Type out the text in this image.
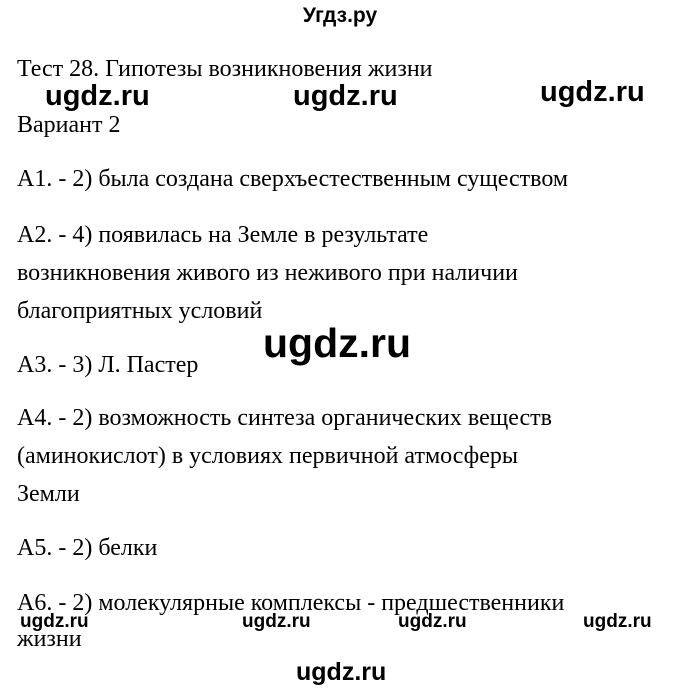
Угдз.ру
Тест 28. Гипотезы возникновения жизни
Вариант 2
А1. - 2) была создана сверхъестественным существом
А2. - 4) появилась на Земле в результате
возникновения живого из неживого при наличии
благоприятных условий
А3. - 3) Л. Пастер
А4. - 2) возможность синтеза органических веществ
(аминокислот) в условиях первичной атмосферы
Земли
А5. - 2) белки
А6. - 2) молекулярные комплексы - предшественники
жизни
ugdz.ru	ugdz.ru	ugdz.ru
ugdz.ru
ugdz.ru	ugdz.ru	ugdz.ru	ugdz.ru
ugdz.ru
